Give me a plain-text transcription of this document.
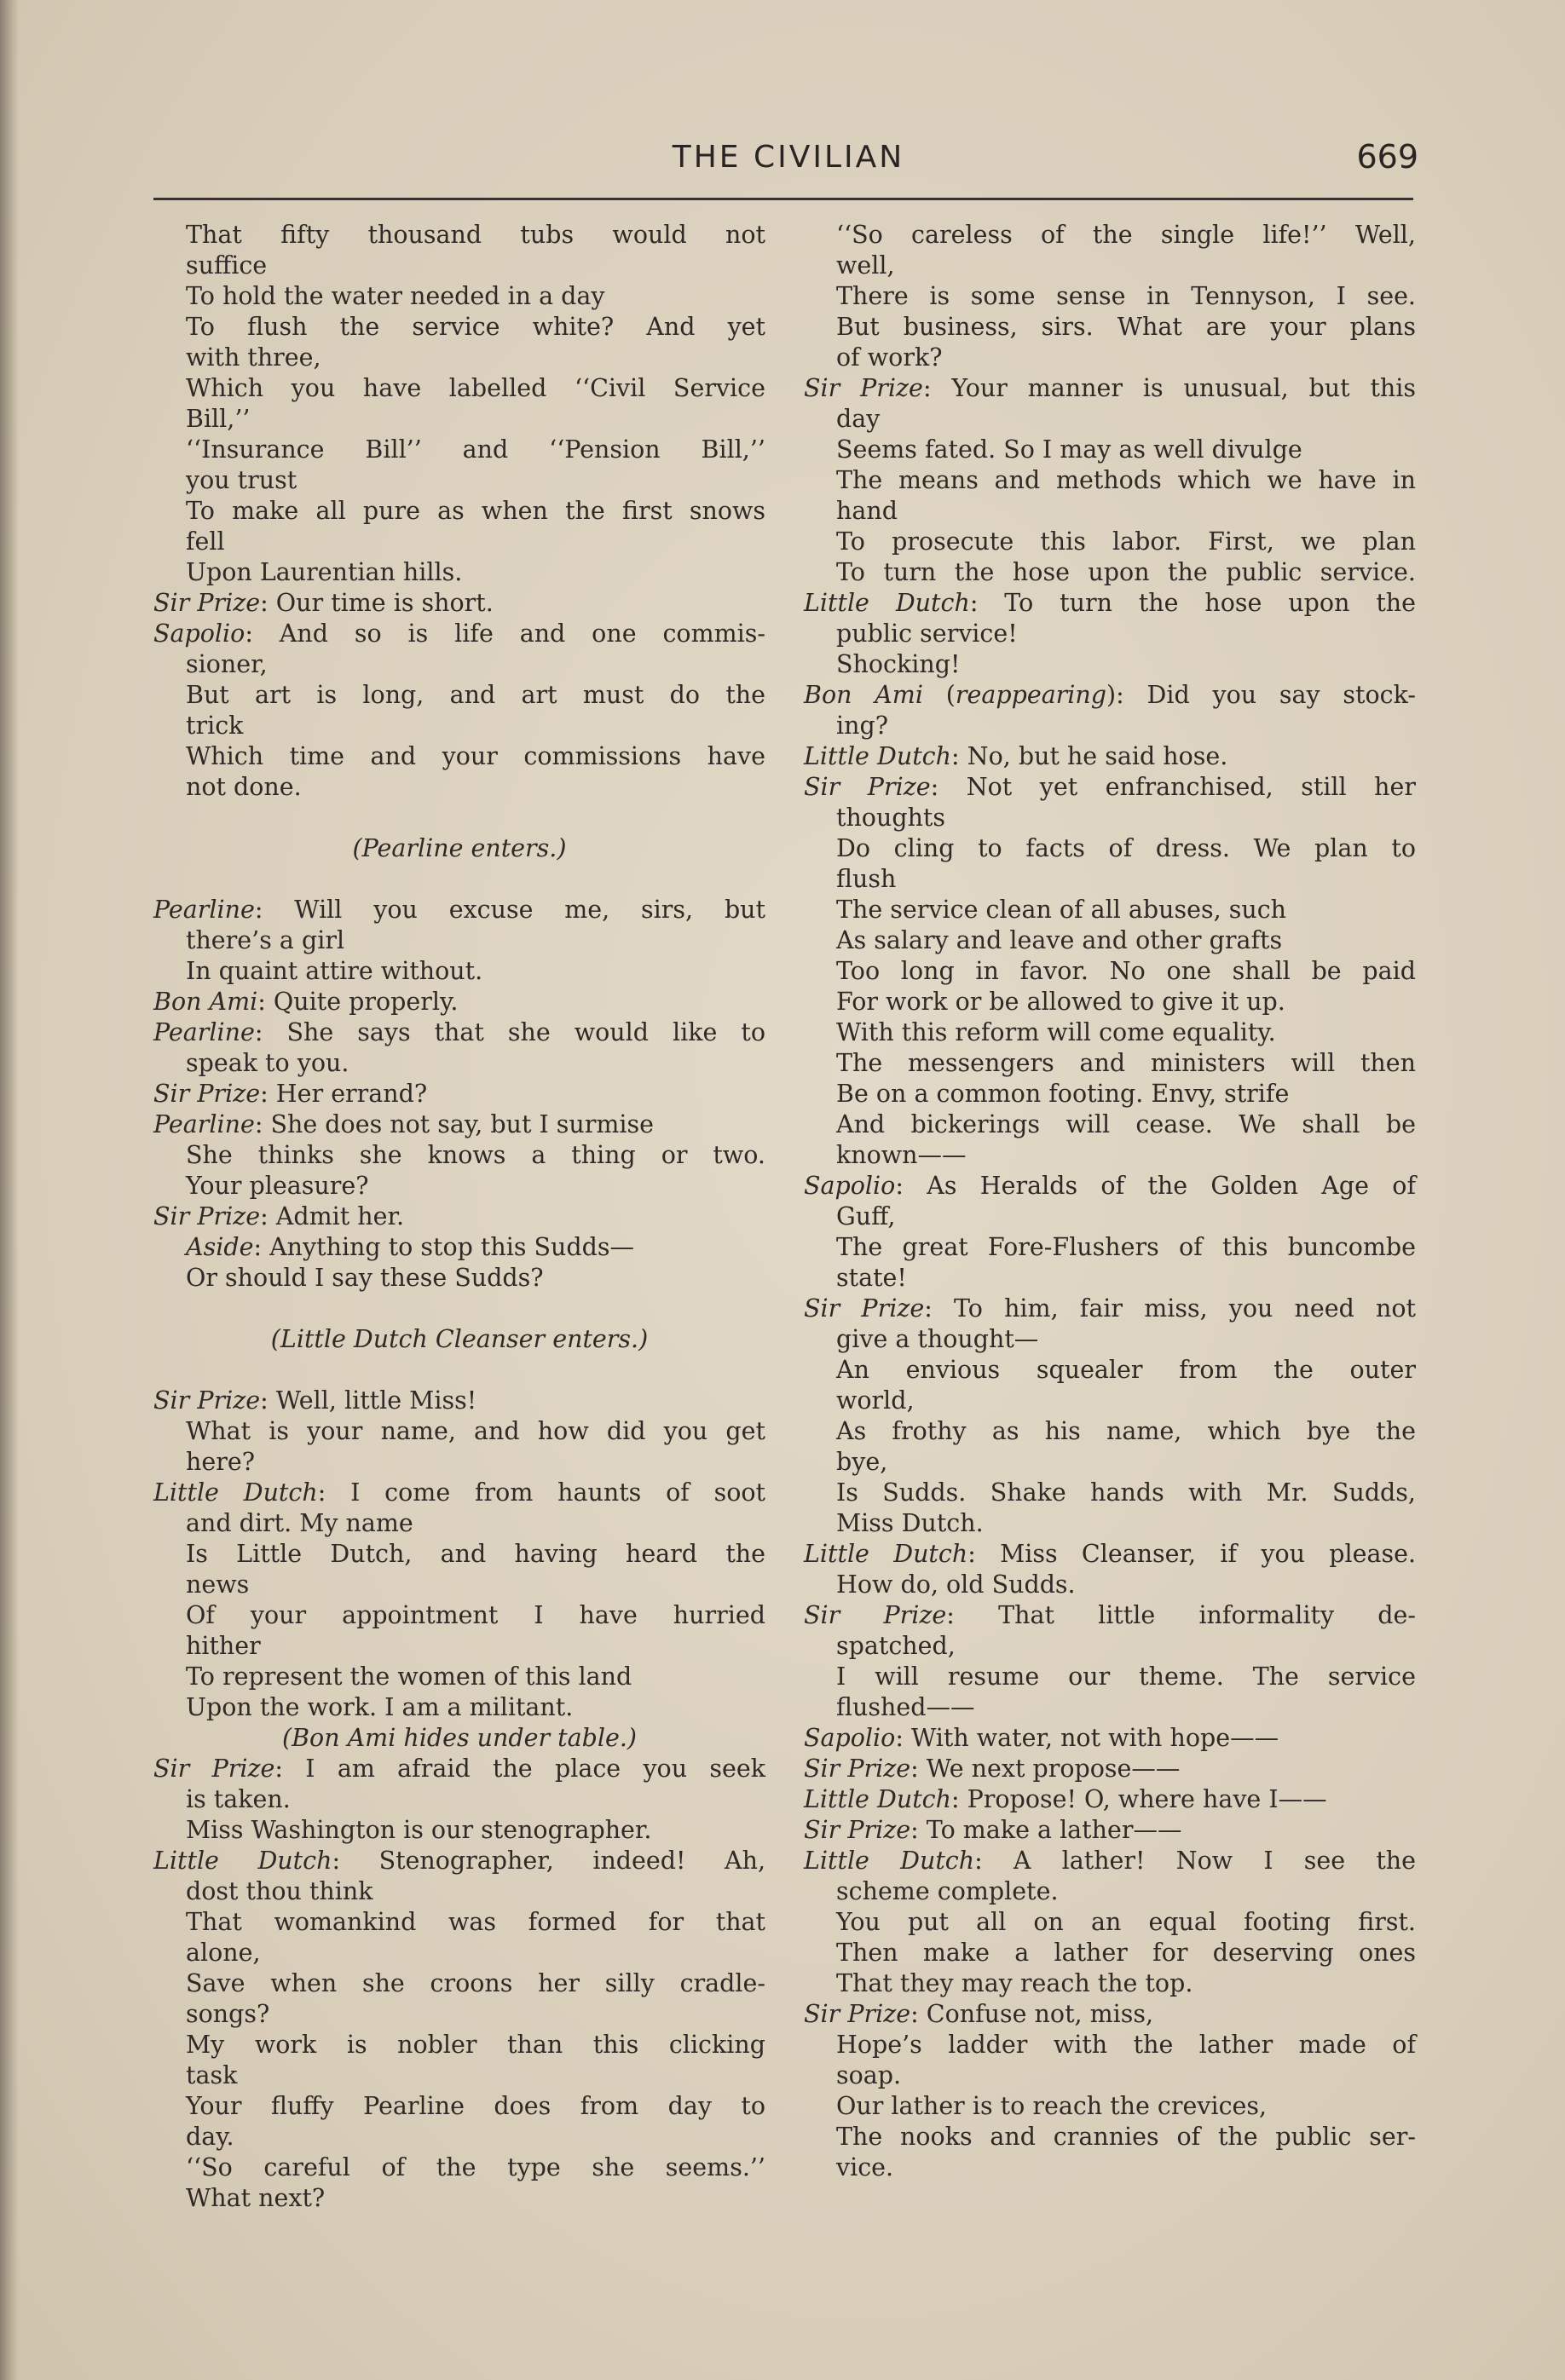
THE CIVILIAN	669
That fifty thousand tubs would not
suffice
To hold the water needed in a day
To flush the service white? And yet
with three,
Which you have labelled ‘‘Civil Service
Bill,’’
‘‘Insurance Bill’’ and ‘‘Pension Bill,’’
you trust
To make all pure as when the first snows
fell
Upon Laurentian hills.
Sir Prize: Our time is short.
Sapolio: And so is life and one commis-
sioner,
But art is long, and art must do the
trick
Which time and your commissions have
not done.
(Pearline enters.)
Pearline: Will you excuse me, sirs, but
there’s a girl
In quaint attire without.
Bon Ami: Quite properly.
Pearline: She says that she would like to
speak to you.
Sir Prize: Her errand?
Pearline: She does not say, but I surmise
She thinks she knows a thing or two.
Your pleasure?
Sir Prize: Admit her.
Aside: Anything to stop this Sudds—
Or should I say these Sudds?
(Little Dutch Cleanser enters.)
Sir Prize: Well, little Miss!
What is your name, and how did you get
here?
Little Dutch: I come from haunts of soot
and dirt. My name
Is Little Dutch, and having heard the
news
Of your appointment I have hurried
hither
To represent the women of this land
Upon the work. I am a militant.
(Bon Ami hides under table.)
Sir Prize: I am afraid the place you seek
is taken.
Miss Washington is our stenographer.
Little Dutch: Stenographer, indeed! Ah,
dost thou think
That womankind was formed for that
alone,
Save when she croons her silly cradle-
songs?
My work is nobler than this clicking
task
Your fluffy Pearline does from day to
day.
‘‘So careful of the type she seems.’’
What next?
‘‘So careless of the single life!’’ Well,
well,
There is some sense in Tennyson, I see.
But business, sirs. What are your plans
of work?
Sir Prize: Your manner is unusual, but this
day
Seems fated. So I may as well divulge
The means and methods which we have in
hand
To prosecute this labor. First, we plan
To turn the hose upon the public service.
Little Dutch: To turn the hose upon the
public service!
Shocking!
Bon Ami (reappearing): Did you say stock-
ing?
Little Dutch: No, but he said hose.
Sir Prize: Not yet enfranchised, still her
thoughts
Do cling to facts of dress. We plan to
flush
The service clean of all abuses, such
As salary and leave and other grafts
Too long in favor. No one shall be paid
For work or be allowed to give it up.
With this reform will come equality.
The messengers and ministers will then
Be on a common footing. Envy, strife
And bickerings will cease. We shall be
known——
Sapolio: As Heralds of the Golden Age of
Guff,
The great Fore-Flushers of this buncombe
state!
Sir Prize: To him, fair miss, you need not
give a thought—
An envious squealer from the outer
world,
As frothy as his name, which bye the
bye,
Is Sudds. Shake hands with Mr. Sudds,
Miss Dutch.
Little Dutch: Miss Cleanser, if you please.
How do, old Sudds.
Sir Prize: That little informality de-
spatched,
I will resume our theme. The service
flushed——
Sapolio: With water, not with hope——
Sir Prize: We next propose——
Little Dutch: Propose! O, where have I——
Sir Prize: To make a lather——
Little Dutch: A lather! Now I see the
scheme complete.
You put all on an equal footing first.
Then make a lather for deserving ones
That they may reach the top.
Sir Prize: Confuse not, miss,
Hope’s ladder with the lather made of
soap.
Our lather is to reach the crevices,
The nooks and crannies of the public ser-
vice.
